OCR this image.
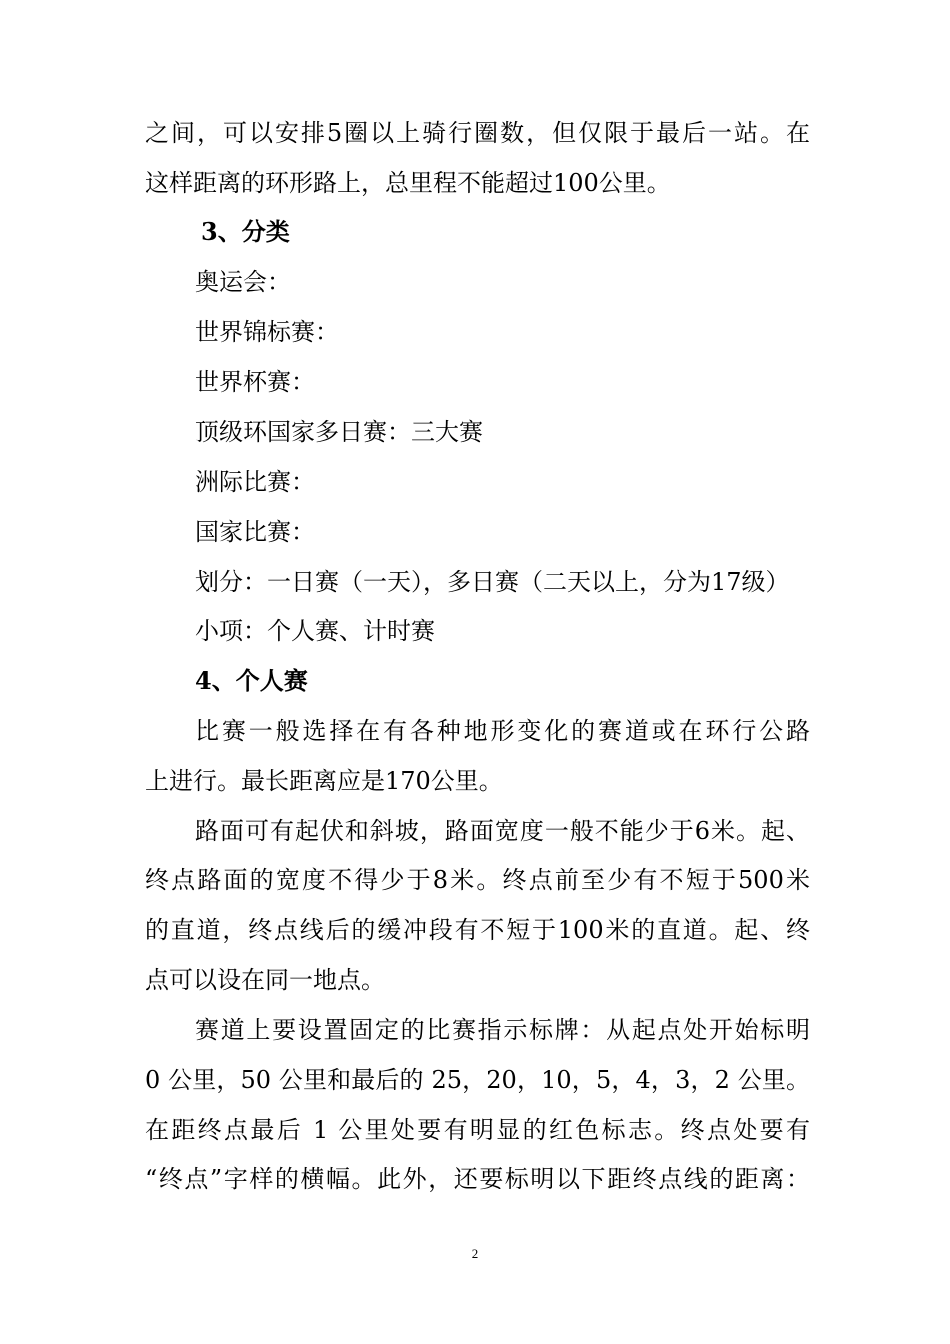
之间，可以安排5圈以上骑行圈数，但仅限于最后一站。在
这样距离的环形路上，总里程不能超过100公里。
3、分类
奥运会：
世界锦标赛：
世界杯赛：
顶级环国家多日赛：三大赛
洲际比赛：
国家比赛：
划分：一日赛（一天），多日赛（二天以上，分为17级）
小项：个人赛、计时赛
4、个人赛
比赛一般选择在有各种地形变化的赛道或在环行公路
上进行。最长距离应是170公里。
路面可有起伏和斜坡，路面宽度一般不能少于6米。起、
终点路面的宽度不得少于8米。终点前至少有不短于500米
的直道，终点线后的缓冲段有不短于100米的直道。起、终
点可以设在同一地点。
赛道上要设置固定的比赛指示标牌：从起点处开始标明
0 公里，50 公里和最后的 25，20，10，5，4，3，2 公里。
在距终点最后 1 公里处要有明显的红色标志。终点处要有
“终点”字样的横幅。此外，还要标明以下距终点线的距离：
2
